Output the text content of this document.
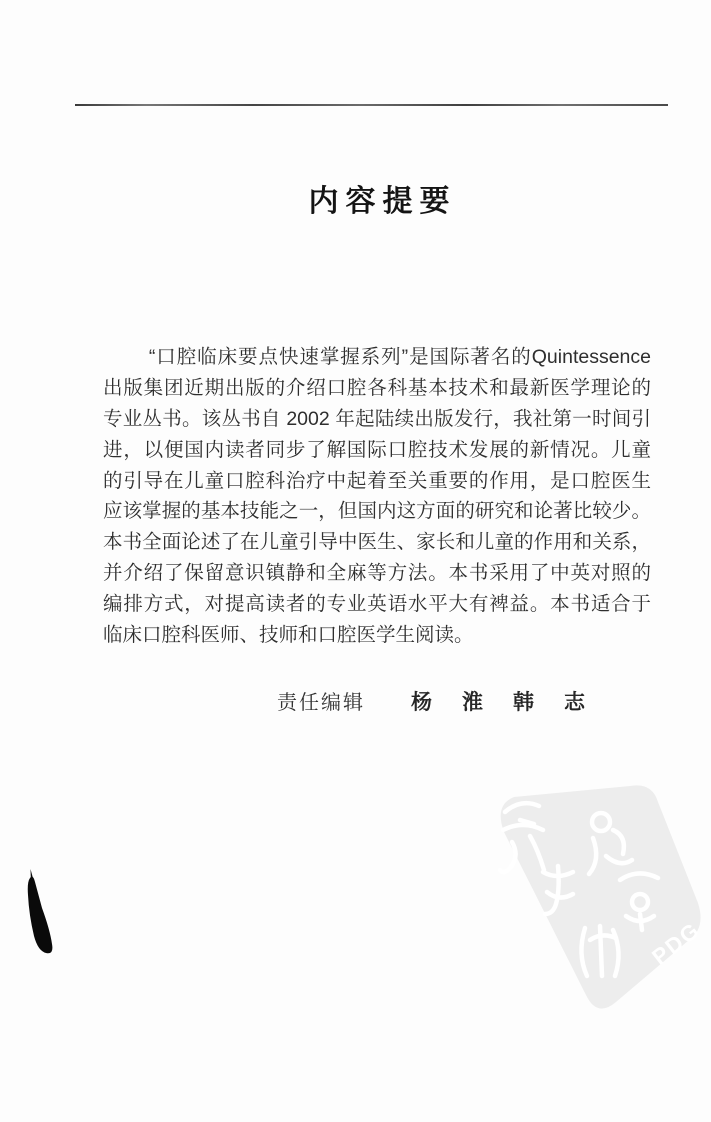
内容提要
“口腔临床要点快速掌握系列”是国际著名的Quintessence
出版集团近期出版的介绍口腔各科基本技术和最新医学理论的
专业丛书。该丛书自 2002 年起陆续出版发行，我社第一时间引
进，以便国内读者同步了解国际口腔技术发展的新情况。儿童
的引导在儿童口腔科治疗中起着至关重要的作用，是口腔医生
应该掌握的基本技能之一，但国内这方面的研究和论著比较少。
本书全面论述了在儿童引导中医生、家长和儿童的作用和关系，
并介绍了保留意识镇静和全麻等方法。本书采用了中英对照的
编排方式，对提高读者的专业英语水平大有裨益。本书适合于
临床口腔科医师、技师和口腔医学生阅读。
责任编辑 杨 淮 韩 志
PDG
